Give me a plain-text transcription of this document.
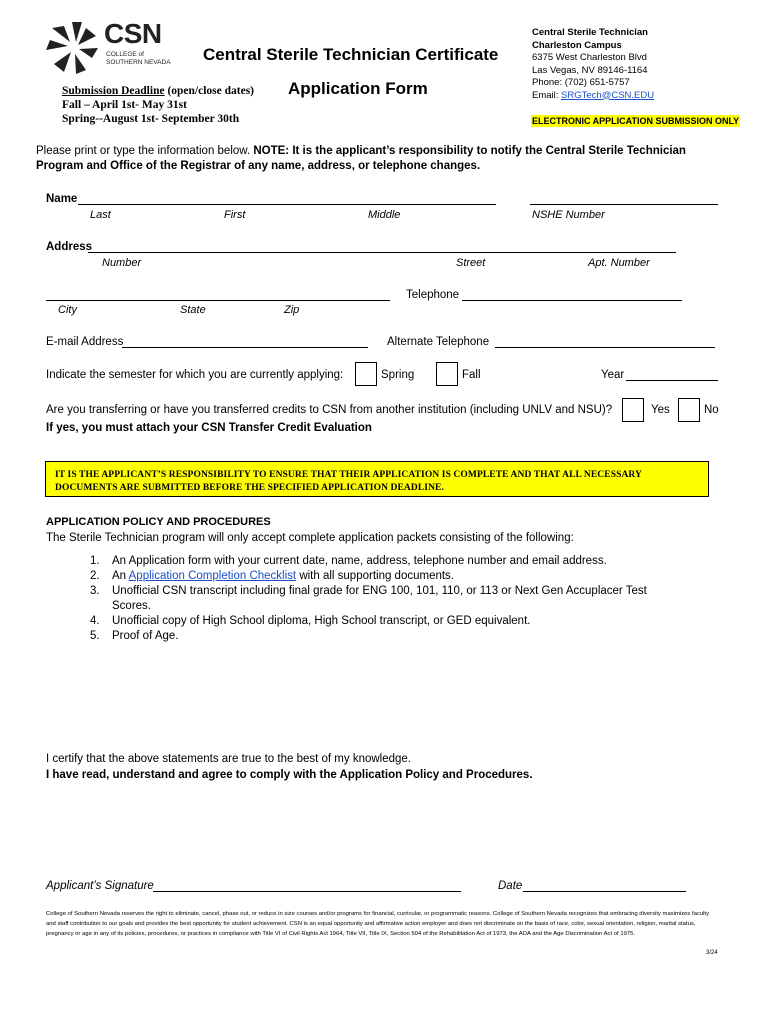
CSN
COLLEGE of
SOUTHERN NEVADA Central Sterile Technician Certificate
Application Form
Submission Deadline (open/close dates)
Fall – April 1st- May 31st
Spring--August 1st- September 30th
Central Sterile Technician
Charleston Campus
6375 West Charleston Blvd
Las Vegas, NV 89146-1164
Phone: (702) 651-5757
Email: SRGTech@CSN.EDU
ELECTRONIC APPLICATION SUBMISSION ONLY
Please print or type the information below. NOTE: It is the applicant’s responsibility to notify the Central Sterile Technician Program and Office of the Registrar of any name, address, or telephone changes.
Name
Last	First	Middle	NSHE Number
Address
Number	Street	Apt. Number
Telephone
City	State	Zip
E-mail Address	Alternate Telephone
Indicate the semester for which you are currently applying:	Spring	Fall	Year
Are you transferring or have you transferred credits to CSN from another institution (including UNLV and NSU)?	Yes	No
If yes, you must attach your CSN Transfer Credit Evaluation
IT IS THE APPLICANT’S RESPONSIBILITY TO ENSURE THAT THEIR APPLICATION IS COMPLETE AND THAT ALL NECESSARY DOCUMENTS ARE SUBMITTED BEFORE THE SPECIFIED APPLICATION DEADLINE.
APPLICATION POLICY AND PROCEDURES
The Sterile Technician program will only accept complete application packets consisting of the following:
1.	An Application form with your current date, name, address, telephone number and email address.
2.	An Application Completion Checklist with all supporting documents.
3.	Unofficial CSN transcript including final grade for ENG 100, 101, 110, or 113 or Next Gen Accuplacer Test Scores.
4.	Unofficial copy of High School diploma, High School transcript, or GED equivalent.
5.	Proof of Age.
I certify that the above statements are true to the best of my knowledge.
I have read, understand and agree to comply with the Application Policy and Procedures.
Applicant’s Signature	Date
College of Southern Nevada reserves the right to eliminate, cancel, phase out, or reduce in size courses and/or programs for financial, curricular, or programmatic reasons. College of Southern Nevada recognizes that embracing diversity maximizes faculty and staff contribution to our goals and provides the best opportunity for student achievement. CSN is an equal opportunity and affirmative action employer and does not discriminate on the basis of race, color, sexual orientation, religion, marital status, pregnancy or age in any of its policies, procedures, or practices in compliance with Title VI of Civil Rights Act 1964, Title VII, Title IX, Section 504 of the Rehabilitation Act of 1973, the ADA and the Age Discrimination Act of 1975.
3/24
